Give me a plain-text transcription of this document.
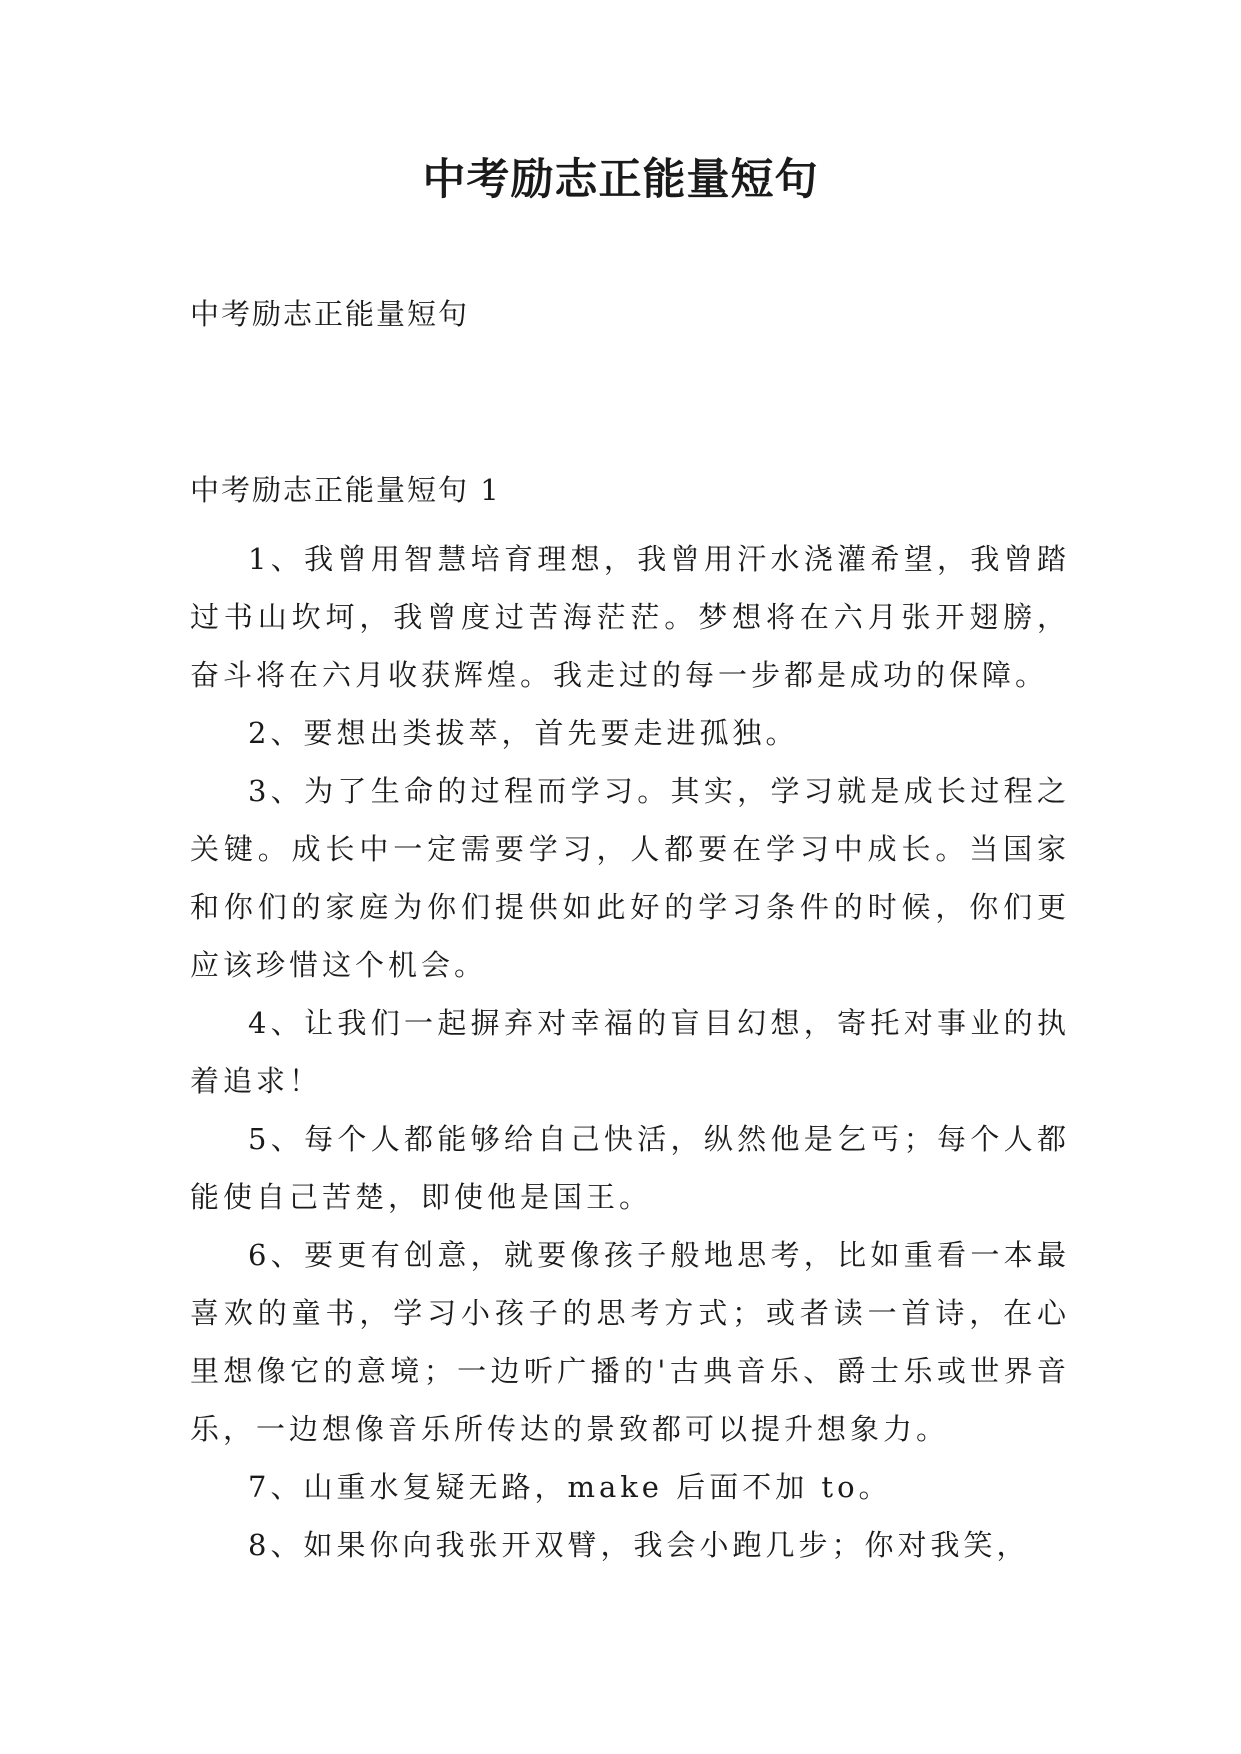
中考励志正能量短句

中考励志正能量短句

中考励志正能量短句 1

1、我曾用智慧培育理想，我曾用汗水浇灌希望，我曾踏过书山坎坷，我曾度过苦海茫茫。梦想将在六月张开翅膀，奋斗将在六月收获辉煌。我走过的每一步都是成功的保障。

2、要想出类拔萃，首先要走进孤独。

3、为了生命的过程而学习。其实，学习就是成长过程之关键。成长中一定需要学习，人都要在学习中成长。当国家和你们的家庭为你们提供如此好的学习条件的时候，你们更应该珍惜这个机会。

4、让我们一起摒弃对幸福的盲目幻想，寄托对事业的执着追求！

5、每个人都能够给自己快活，纵然他是乞丐；每个人都能使自己苦楚，即使他是国王。

6、要更有创意，就要像孩子般地思考，比如重看一本最喜欢的童书，学习小孩子的思考方式；或者读一首诗，在心里想像它的意境；一边听广播的'古典音乐、爵士乐或世界音乐，一边想像音乐所传达的景致都可以提升想象力。

7、山重水复疑无路，make 后面不加 to。

8、如果你向我张开双臂，我会小跑几步；你对我笑，
